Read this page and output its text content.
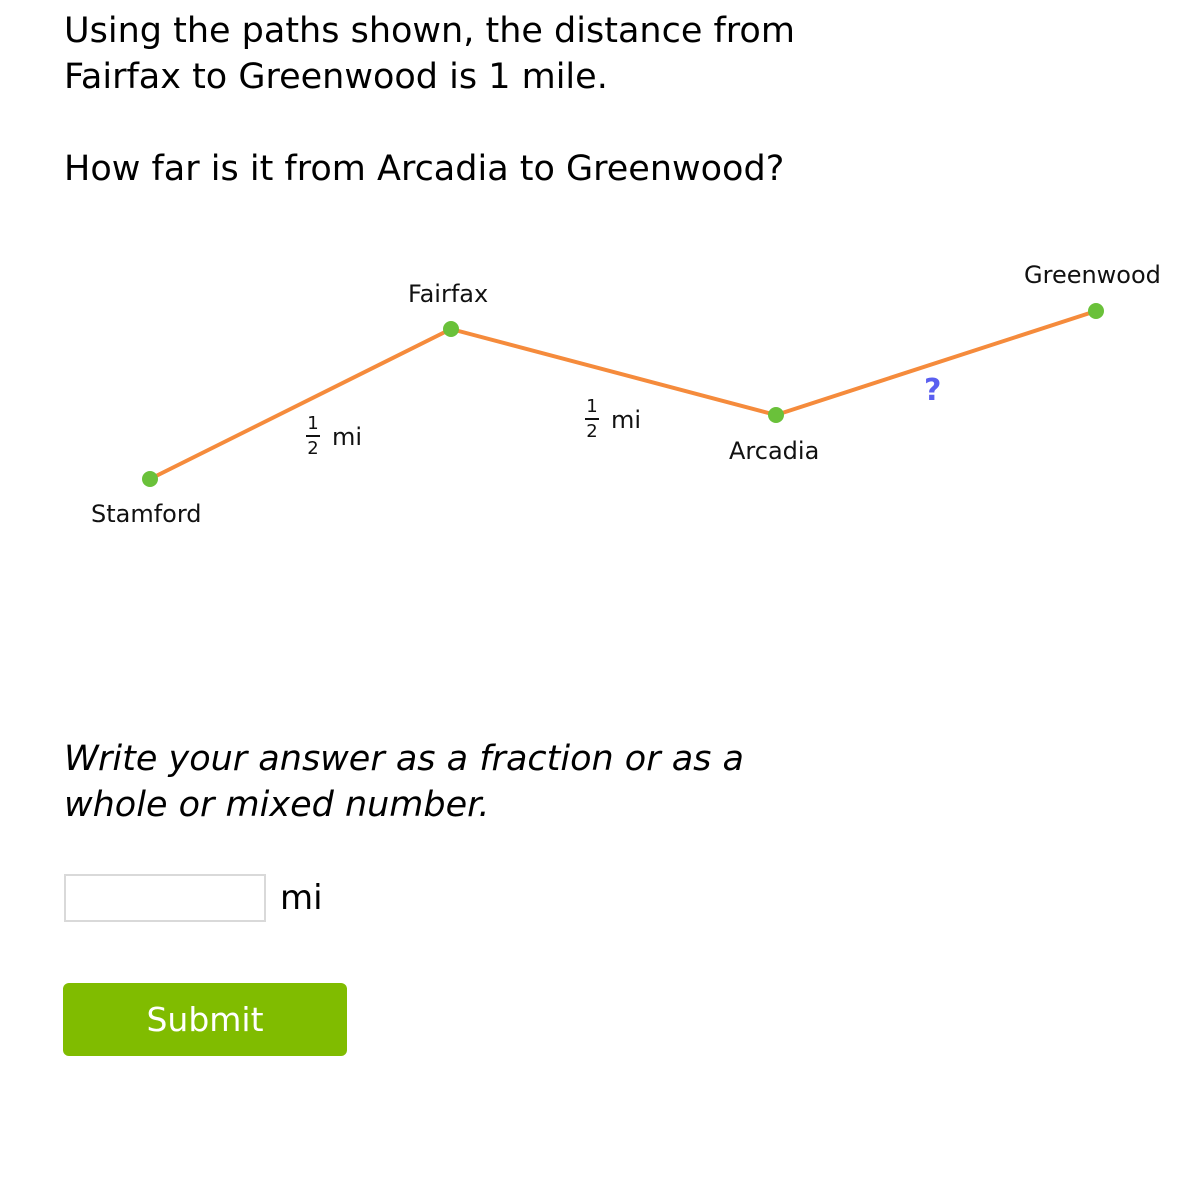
Using the paths shown, the distance from Fairfax to Greenwood is 1 mile.

How far is it from Arcadia to Greenwood?

Stamford
Fairfax
Arcadia
Greenwood
1
2 mi
1
2 mi
?

Write your answer as a fraction or as a whole or mixed number.

mi
Submit
